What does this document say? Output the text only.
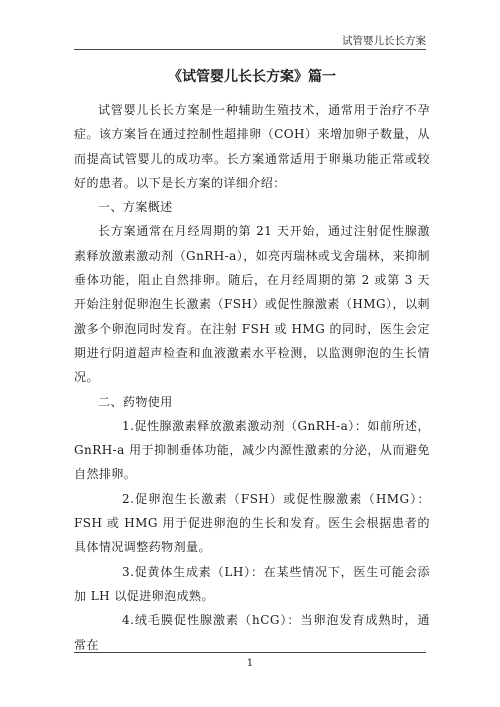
试管婴儿长长方案
《试管婴儿长长方案》篇一

试管婴儿长长方案是一种辅助生殖技术，通常用于治疗不孕症。该方案旨在通过控制性超排卵（COH）来增加卵子数量，从而提高试管婴儿的成功率。长方案通常适用于卵巢功能正常或较好的患者。以下是长方案的详细介绍：

一、方案概述

长方案通常在月经周期的第 21 天开始，通过注射促性腺激素释放激素激动剂（GnRH-a），如亮丙瑞林或戈舍瑞林，来抑制垂体功能，阻止自然排卵。随后，在月经周期的第 2 或第 3 天开始注射促卵泡生长激素（FSH）或促性腺激素（HMG），以刺激多个卵泡同时发育。在注射 FSH 或 HMG 的同时，医生会定期进行阴道超声检查和血液激素水平检测，以监测卵泡的生长情况。

二、药物使用

1.促性腺激素释放激素激动剂（GnRH-a）：如前所述，GnRH-a 用于抑制垂体功能，减少内源性激素的分泌，从而避免自然排卵。

2.促卵泡生长激素（FSH）或促性腺激素（HMG）：FSH 或 HMG 用于促进卵泡的生长和发育。医生会根据患者的具体情况调整药物剂量。

3.促黄体生成素（LH）：在某些情况下，医生可能会添加 LH 以促进卵泡成熟。

4.绒毛膜促性腺激素（hCG）：当卵泡发育成熟时，通常在

1
